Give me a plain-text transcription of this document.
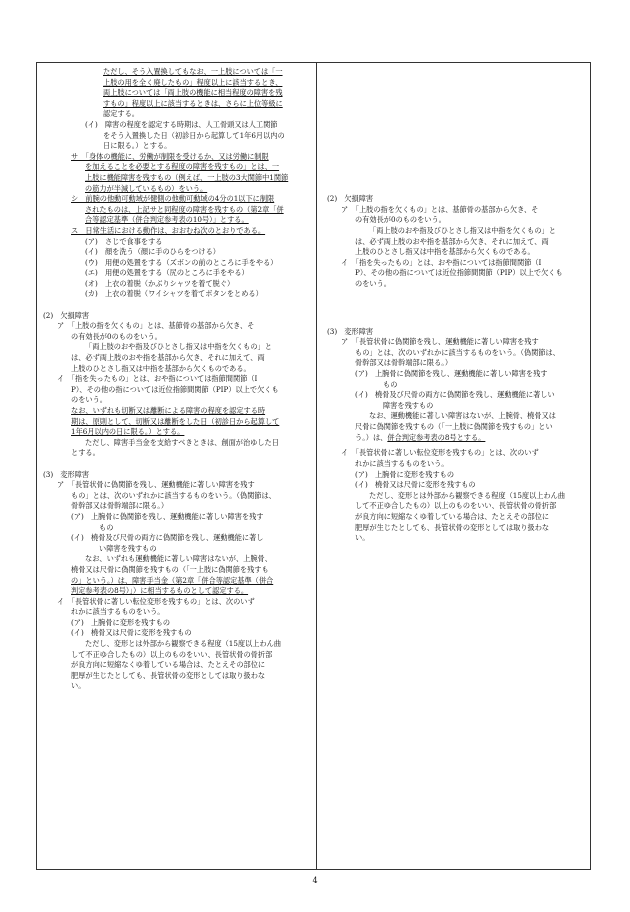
ただし、そう入置換してもなお、一上肢については「一
上肢の用を全く廃したもの」程度以上に該当するとき、
両上肢については「両上肢の機能に相当程度の障害を残
すもの」程度以上に該当するときは、さらに上位等級に
認定する。
(イ)　障害の程度を認定する時期は、人工骨頭又は人工関節
をそう入置換した日（初診日から起算して1年6月以内の
日に限る。）とする。
サ　「身体の機能に、労働が制限を受けるか、又は労働に制限
を加えることを必要とする程度の障害を残すもの」とは、一
上肢に機能障害を残すもの（例えば、一上肢の3大関節中1関節
の筋力が半減しているもの）をいう。
シ　前腕の他動可動域が健側の他動可動域の4分の1以下に制限
されたものは、上記サと同程度の障害を残すもの（第2章「併
合等認定基準（併合判定参考表の10号）」とする。
ス　日常生活における動作は、おおむね次のとおりである。
(ア)　さじで食事をする
(イ)　顔を洗う（顔に手のひらをつける）
(ウ)　用便の処置をする（ズボンの前のところに手をやる）
(エ)　用便の処置をする（尻のところに手をやる）
(オ)　上衣の着脱（かぶりシャツを着て脱ぐ）
(カ)　上衣の着脱（ワイシャツを着てボタンをとめる）
(2)　欠損障害
ア　「上肢の指を欠くもの」とは、基節骨の基部から欠き、そ
の有効長が0のものをいう。
「両上肢のおや指及びひとさし指又は中指を欠くもの」と
は、必ず両上肢のおや指を基部から欠き、それに加えて、両
上肢のひとさし指又は中指を基部から欠くものである。
イ　「指を失ったもの」とは、おや指については指節間関節（I
P）、その他の指については近位指節間関節（PIP）以上で欠くも
のをいう。
なお、いずれも切断又は離断による障害の程度を認定する時
期は、原則として、切断又は離断をした日（初診日から起算して
1年6月以内の日に限る。）とする。
ただし、障害手当金を支給すべきときは、創面が治ゆした日
とする。
(3)　変形障害
ア　「長管状骨に偽関節を残し、運動機能に著しい障害を残す
もの」とは、次のいずれかに該当するものをいう。（偽関節は、
骨幹部又は骨幹端部に限る。）
(ア)　上腕骨に偽関節を残し、運動機能に著しい障害を残す
もの
(イ)　橈骨及び尺骨の両方に偽関節を残し、運動機能に著し
い障害を残すもの
なお、いずれも運動機能に著しい障害はないが、上腕骨、
橈骨又は尺骨に偽関節を残すもの（「一上肢に偽関節を残すも
の」という。）は、障害手当金（第2章「併合等認定基準（併合
判定参考表の8号）」）に相当するものとして認定する。
イ　「長管状骨に著しい転位変形を残すもの」とは、次のいず
れかに該当するものをいう。
(ア)　上腕骨に変形を残すもの
(イ)　橈骨又は尺骨に変形を残すもの
ただし、変形とは外部から観察できる程度（15度以上わん曲
して不正ゆ合したもの）以上のものをいい、長管状骨の骨折部
が良方向に短縮なくゆ着している場合は、たとえその部位に
肥厚が生じたとしても、長管状骨の変形としては取り扱わな
い。
(2)　欠損障害
ア　「上肢の指を欠くもの」とは、基節骨の基部から欠き、そ
の有効長が0のものをいう。
「両上肢のおや指及びひとさし指又は中指を欠くもの」と
は、必ず両上肢のおや指を基部から欠き、それに加えて、両
上肢のひとさし指又は中指を基部から欠くものである。
イ　「指を失ったもの」とは、おや指については指節間関節（I
P）、その他の指については近位指節間関節（PIP）以上で欠くも
のをいう。
(3)　変形障害
ア　「長管状骨に偽関節を残し、運動機能に著しい障害を残す
もの」とは、次のいずれかに該当するものをいう。（偽関節は、
骨幹部又は骨幹端部に限る。）
(ア)　上腕骨に偽関節を残し、運動機能に著しい障害を残す
もの
(イ)　橈骨及び尺骨の両方に偽関節を残し、運動機能に著しい
障害を残すもの
なお、運動機能に著しい障害はないが、上腕骨、橈骨又は
尺骨に偽関節を残すもの（「一上肢に偽関節を残すもの」とい
う。）は、併合判定参考表の8号とする。
イ　「長管状骨に著しい転位変形を残すもの」とは、次のいず
れかに該当するものをいう。
(ア)　上腕骨に変形を残すもの
(イ)　橈骨又は尺骨に変形を残すもの
ただし、変形とは外部から観察できる程度（15度以上わん曲
して不正ゆ合したもの）以上のものをいい、長管状骨の骨折部
が良方向に短縮なくゆ着している場合は、たとえその部位に
肥厚が生じたとしても、長管状骨の変形としては取り扱わな
い。
4
